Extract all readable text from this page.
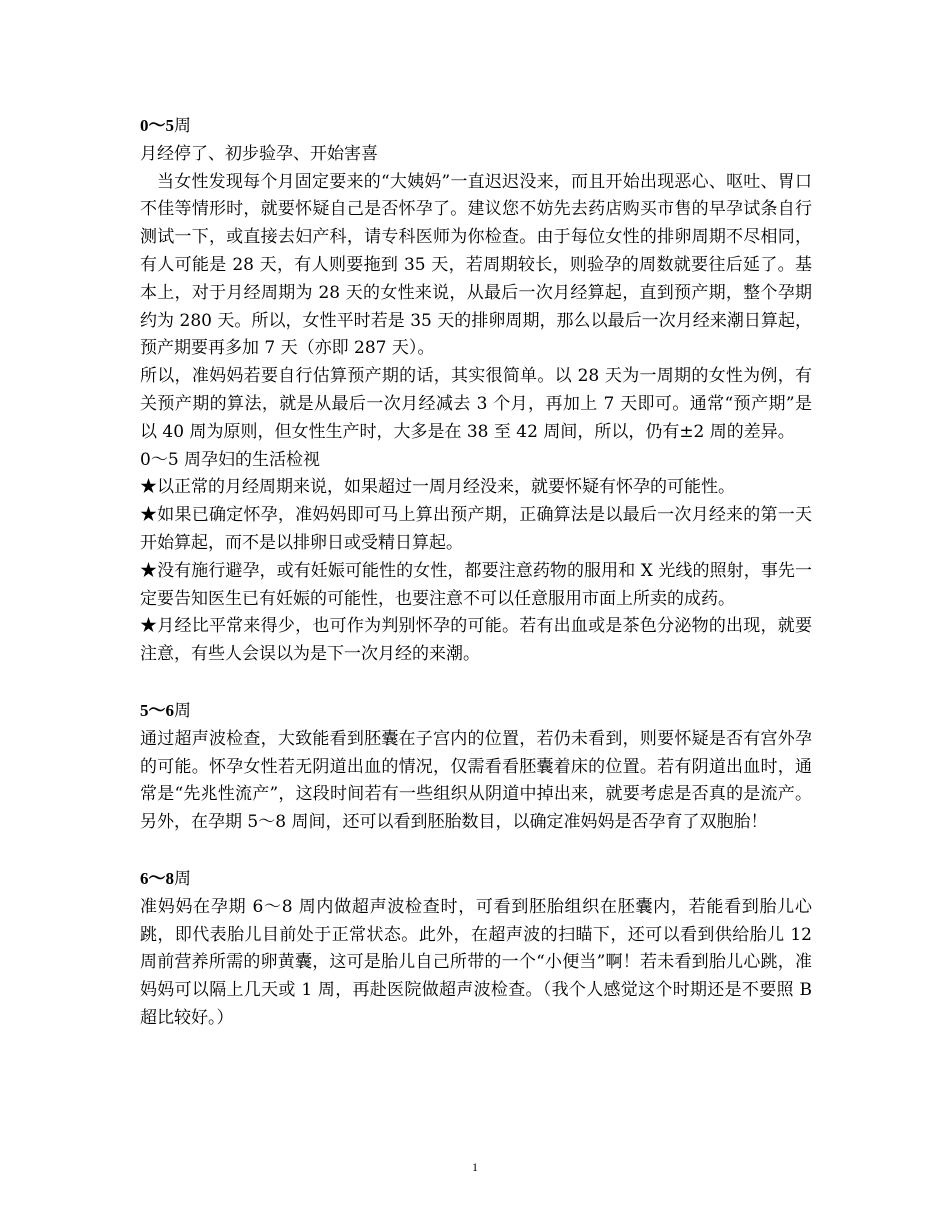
0～5周

月经停了、初步验孕、开始害喜

当女性发现每个月固定要来的“大姨妈”一直迟迟没来，而且开始出现恶心、呕吐、胃口不佳等情形时，就要怀疑自己是否怀孕了。建议您不妨先去药店购买市售的早孕试条自行测试一下，或直接去妇产科，请专科医师为你检查。由于每位女性的排卵周期不尽相同，有人可能是 28 天，有人则要拖到 35 天，若周期较长，则验孕的周数就要往后延了。基本上，对于月经周期为 28 天的女性来说，从最后一次月经算起，直到预产期，整个孕期约为 280 天。所以，女性平时若是 35 天的排卵周期，那么以最后一次月经来潮日算起，预产期要再多加 7 天（亦即 287 天）。

所以，准妈妈若要自行估算预产期的话，其实很简单。以 28 天为一周期的女性为例，有关预产期的算法，就是从最后一次月经减去 3 个月，再加上 7 天即可。通常“预产期”是以 40 周为原则，但女性生产时，大多是在 38 至 42 周间，所以，仍有±2 周的差异。

0～5 周孕妇的生活检视

★以正常的月经周期来说，如果超过一周月经没来，就要怀疑有怀孕的可能性。

★如果已确定怀孕，准妈妈即可马上算出预产期，正确算法是以最后一次月经来的第一天开始算起，而不是以排卵日或受精日算起。

★没有施行避孕，或有妊娠可能性的女性，都要注意药物的服用和 X 光线的照射，事先一定要告知医生已有妊娠的可能性，也要注意不可以任意服用市面上所卖的成药。

★月经比平常来得少，也可作为判别怀孕的可能。若有出血或是茶色分泌物的出现，就要注意，有些人会误以为是下一次月经的来潮。

5～6周

通过超声波检查，大致能看到胚囊在子宫内的位置，若仍未看到，则要怀疑是否有宫外孕的可能。怀孕女性若无阴道出血的情况，仅需看看胚囊着床的位置。若有阴道出血时，通常是“先兆性流产”，这段时间若有一些组织从阴道中掉出来，就要考虑是否真的是流产。另外，在孕期 5～8 周间，还可以看到胚胎数目，以确定准妈妈是否孕育了双胞胎！

6～8周

准妈妈在孕期 6～8 周内做超声波检查时，可看到胚胎组织在胚囊内，若能看到胎儿心跳，即代表胎儿目前处于正常状态。此外，在超声波的扫瞄下，还可以看到供给胎儿 12 周前营养所需的卵黄囊，这可是胎儿自己所带的一个“小便当”啊！若未看到胎儿心跳，准妈妈可以隔上几天或 1 周，再赴医院做超声波检查。（我个人感觉这个时期还是不要照 B 超比较好。）

1
